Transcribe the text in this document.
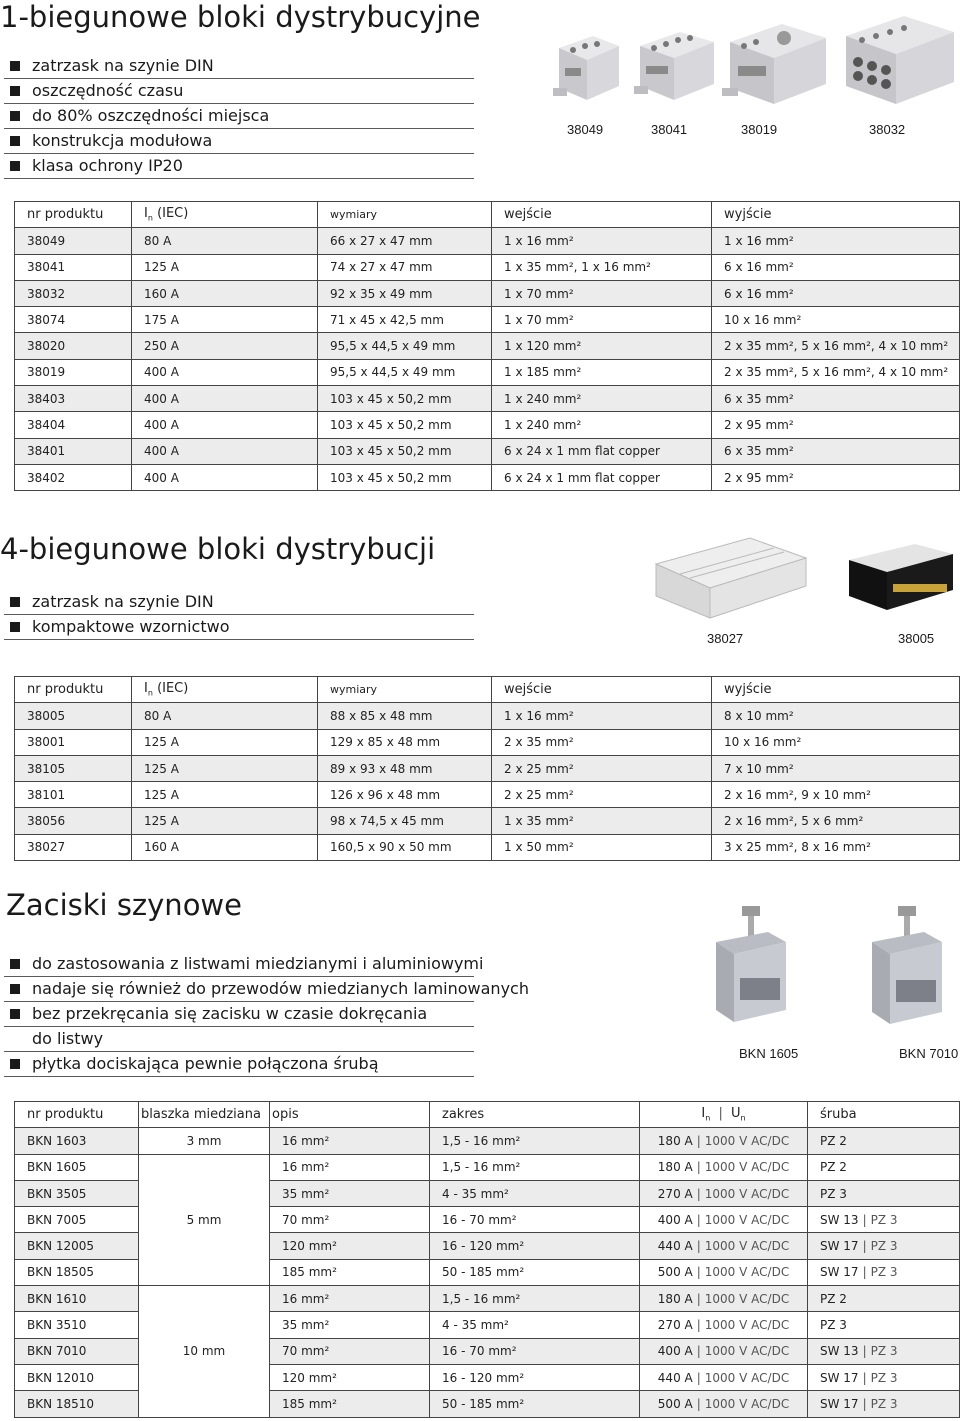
1-biegunowe bloki dystrybucyjne
zatrzask na szynie DIN
oszczędność czasu
do 80% oszczędności miejsca
konstrukcja modułowa
klasa ochrony IP20
38049	38041	38019	38032
nr produktu	$I_n$ (IEC)	wymiary	wejście	wyjście
38049	80 A	66 x 27 x 47 mm	1 x 16 mm²	1 x 16 mm²
38041	125 A	74 x 27 x 47 mm	1 x 35 mm², 1 x 16 mm²	6 x 16 mm²
38032	160 A	92 x 35 x 49 mm	1 x 70 mm²	6 x 16 mm²
38074	175 A	71 x 45 x 42,5 mm	1 x 70 mm²	10 x 16 mm²
38020	250 A	95,5 x 44,5 x 49 mm	1 x 120 mm²	2 x 35 mm², 5 x 16 mm², 4 x 10 mm²
38019	400 A	95,5 x 44,5 x 49 mm	1 x 185 mm²	2 x 35 mm², 5 x 16 mm², 4 x 10 mm²
38403	400 A	103 x 45 x 50,2 mm	1 x 240 mm²	6 x 35 mm²
38404	400 A	103 x 45 x 50,2 mm	1 x 240 mm²	2 x 95 mm²
38401	400 A	103 x 45 x 50,2 mm	6 x 24 x 1 mm flat copper	6 x 35 mm²
38402	400 A	103 x 45 x 50,2 mm	6 x 24 x 1 mm flat copper	2 x 95 mm²
4-biegunowe bloki dystrybucji
zatrzask na szynie DIN
kompaktowe wzornictwo
38027	38005
nr produktu	$I_n$ (IEC)	wymiary	wejście	wyjście
38005	80 A	88 x 85 x 48 mm	1 x 16 mm²	8 x 10 mm²
38001	125 A	129 x 85 x 48 mm	2 x 35 mm²	10 x 16 mm²
38105	125 A	89 x 93 x 48 mm	2 x 25 mm²	7 x 10 mm²
38101	125 A	126 x 96 x 48 mm	2 x 25 mm²	2 x 16 mm², 9 x 10 mm²
38056	125 A	98 x 74,5 x 45 mm	1 x 35 mm²	2 x 16 mm², 5 x 6 mm²
38027	160 A	160,5 x 90 x 50 mm	1 x 50 mm²	3 x 25 mm², 8 x 16 mm²
Zaciski szynowe
do zastosowania z listwami miedzianymi i aluminiowymi
nadaje się również do przewodów miedzianych laminowanych
bez przekręcania się zacisku w czasie dokręcania
do listwy
płytka dociskająca pewnie połączona śrubą
BKN 1605	BKN 7010
nr produktu	blaszka miedziana	opis	zakres	$I_n$ | $U_n$	śruba
BKN 1603	3 mm	16 mm²	1,5 - 16 mm²	180 A | 1000 V AC/DC	PZ 2
BKN 1605	5 mm	16 mm²	1,5 - 16 mm²	180 A | 1000 V AC/DC	PZ 2
BKN 3505		35 mm²	4 - 35 mm²	270 A | 1000 V AC/DC	PZ 3
BKN 7005		70 mm²	16 - 70 mm²	400 A | 1000 V AC/DC	SW 13 | PZ 3
BKN 12005		120 mm²	16 - 120 mm²	440 A | 1000 V AC/DC	SW 17 | PZ 3
BKN 18505		185 mm²	50 - 185 mm²	500 A | 1000 V AC/DC	SW 17 | PZ 3
BKN 1610	10 mm	16 mm²	1,5 - 16 mm²	180 A | 1000 V AC/DC	PZ 2
BKN 3510		35 mm²	4 - 35 mm²	270 A | 1000 V AC/DC	PZ 3
BKN 7010		70 mm²	16 - 70 mm²	400 A | 1000 V AC/DC	SW 13 | PZ 3
BKN 12010		120 mm²	16 - 120 mm²	440 A | 1000 V AC/DC	SW 17 | PZ 3
BKN 18510		185 mm²	50 - 185 mm²	500 A | 1000 V AC/DC	SW 17 | PZ 3
